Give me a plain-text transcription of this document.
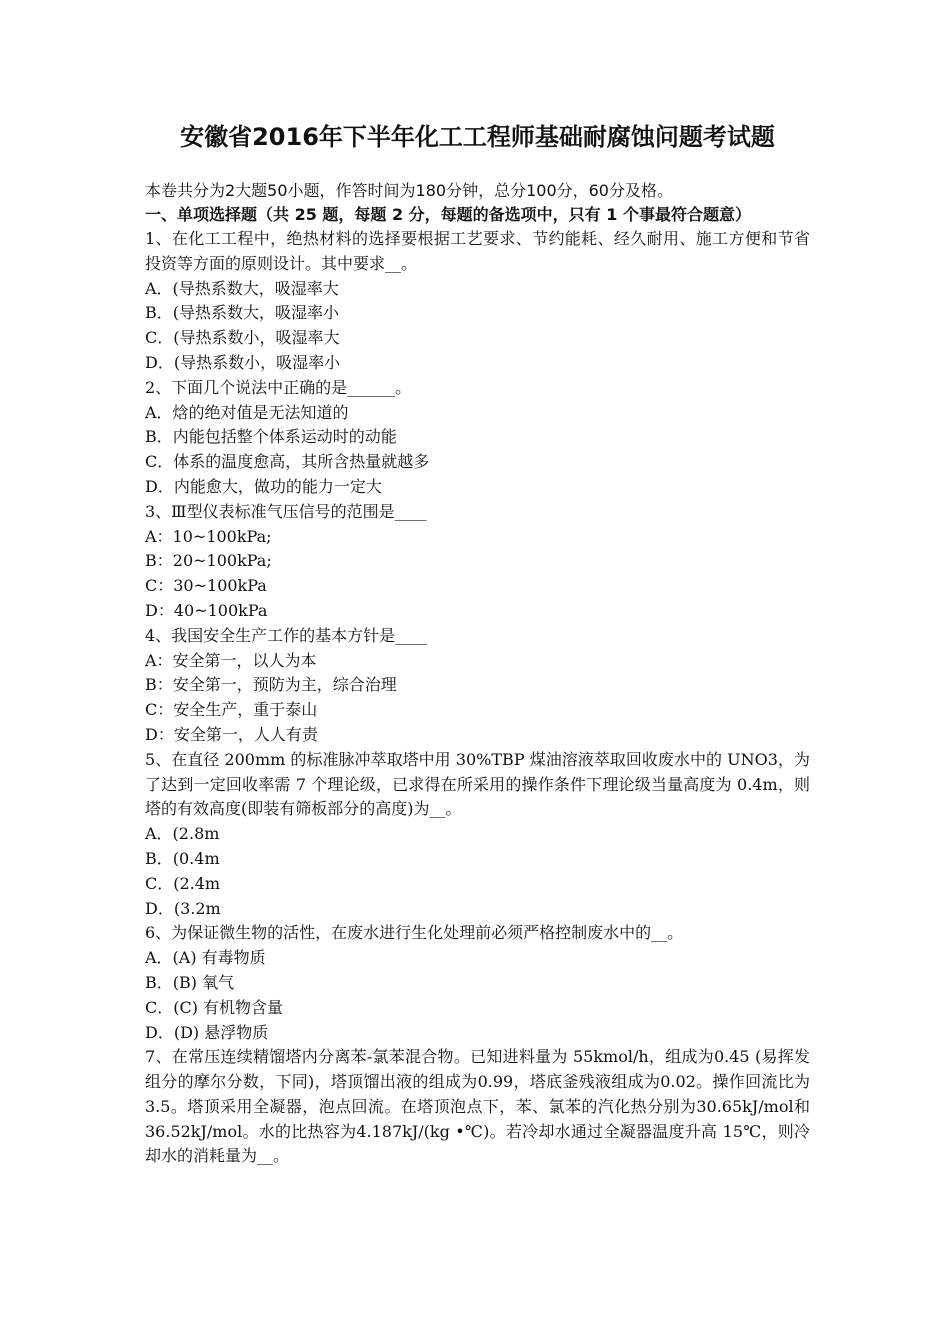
安徽省2016年下半年化工工程师基础耐腐蚀问题考试题
本卷共分为2大题50小题，作答时间为180分钟，总分100分，60分及格。
一、单项选择题（共 25 题，每题 2 分，每题的备选项中，只有 1 个事最符合题意）
1、在化工工程中，绝热材料的选择要根据工艺要求、节约能耗、经久耐用、施工方便和节省投资等方面的原则设计。其中要求__。
A．(导热系数大，吸湿率大
B．(导热系数大，吸湿率小
C．(导热系数小，吸湿率大
D．(导热系数小，吸湿率小
2、下面几个说法中正确的是______。
A．焓的绝对值是无法知道的
B．内能包括整个体系运动时的动能
C．体系的温度愈高，其所含热量就越多
D．内能愈大，做功的能力一定大
3、Ⅲ型仪表标准气压信号的范围是____
A：10~100kPa;
B：20~100kPa;
C：30~100kPa
D：40~100kPa
4、我国安全生产工作的基本方针是____
A：安全第一，以人为本
B：安全第一，预防为主，综合治理
C：安全生产，重于泰山
D：安全第一，人人有责
5、在直径 200mm 的标准脉冲萃取塔中用 30%TBP 煤油溶液萃取回收废水中的 UNO3，为了达到一定回收率需 7 个理论级，已求得在所采用的操作条件下理论级当量高度为 0.4m，则塔的有效高度(即装有筛板部分的高度)为__。
A．(2.8m
B．(0.4m
C．(2.4m
D．(3.2m
6、为保证微生物的活性，在废水进行生化处理前必须严格控制废水中的__。
A．(A) 有毒物质
B．(B) 氧气
C．(C) 有机物含量
D．(D) 悬浮物质
7、在常压连续精馏塔内分离苯-氯苯混合物。已知进料量为 55kmol/h，组成为0.45 (易挥发组分的摩尔分数，下同)，塔顶馏出液的组成为0.99，塔底釜残液组成为0.02。操作回流比为3.5。塔顶采用全凝器，泡点回流。在塔顶泡点下，苯、氯苯的汽化热分别为30.65kJ/mol和36.52kJ/mol。水的比热容为4.187kJ/(kg •℃)。若冷却水通过全凝器温度升高 15℃，则冷却水的消耗量为__。
